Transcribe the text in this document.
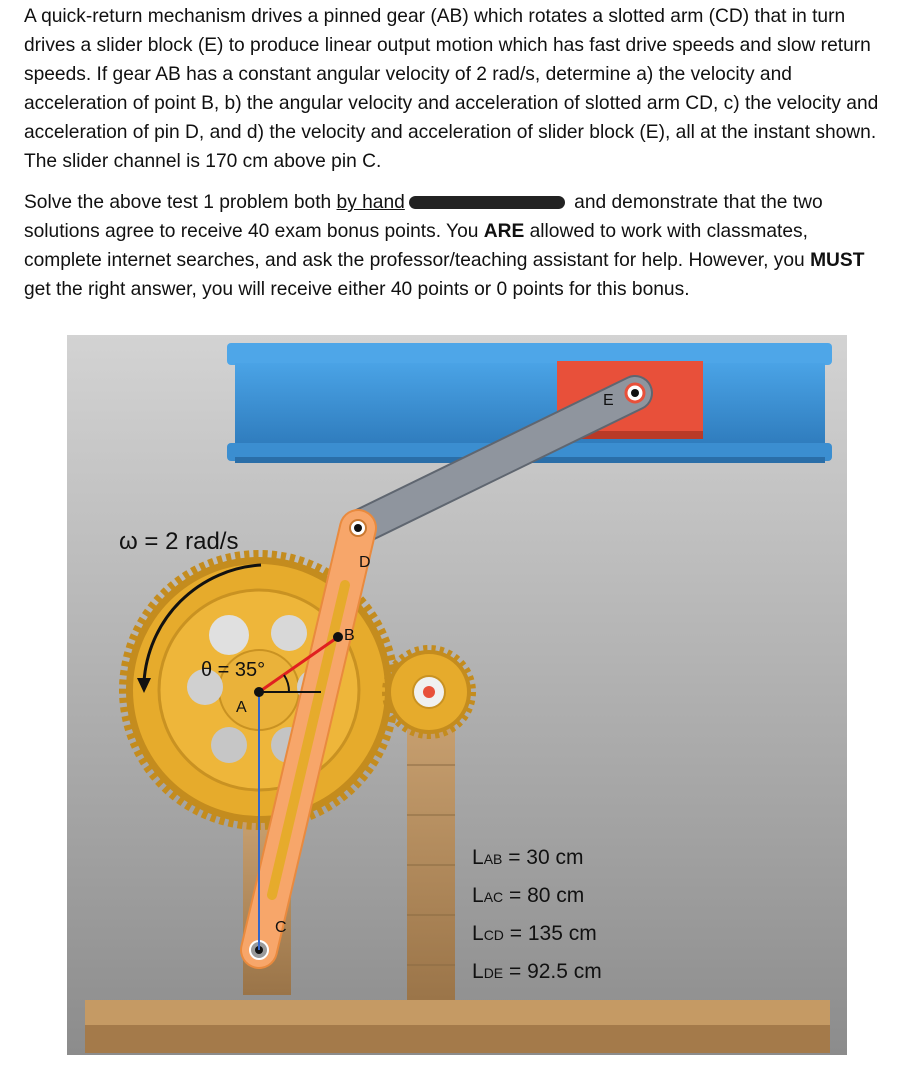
A quick-return mechanism drives a pinned gear (AB) which rotates a slotted arm (CD) that in turn drives a slider block (E) to produce linear output motion which has fast drive speeds and slow return speeds. If gear AB has a constant angular velocity of 2 rad/s, determine a) the velocity and acceleration of point B, b) the angular velocity and acceleration of slotted arm CD, c) the velocity and acceleration of pin D, and d) the velocity and acceleration of slider block (E), all at the instant shown. The slider channel is 170 cm above pin C.

Solve the above test 1 problem both by hand	and demonstrate that the two solutions agree to receive 40 exam bonus points. You ARE allowed to work with classmates, complete internet searches, and ask the professor/teaching assistant for help. However, you MUST get the right answer, you will receive either 40 points or 0 points for this bonus.

ω = 2 rad/s
θ = 35°
A
B
C
D
E
LAB = 30 cm
LAC = 80 cm
LCD = 135 cm
LDE = 92.5 cm
